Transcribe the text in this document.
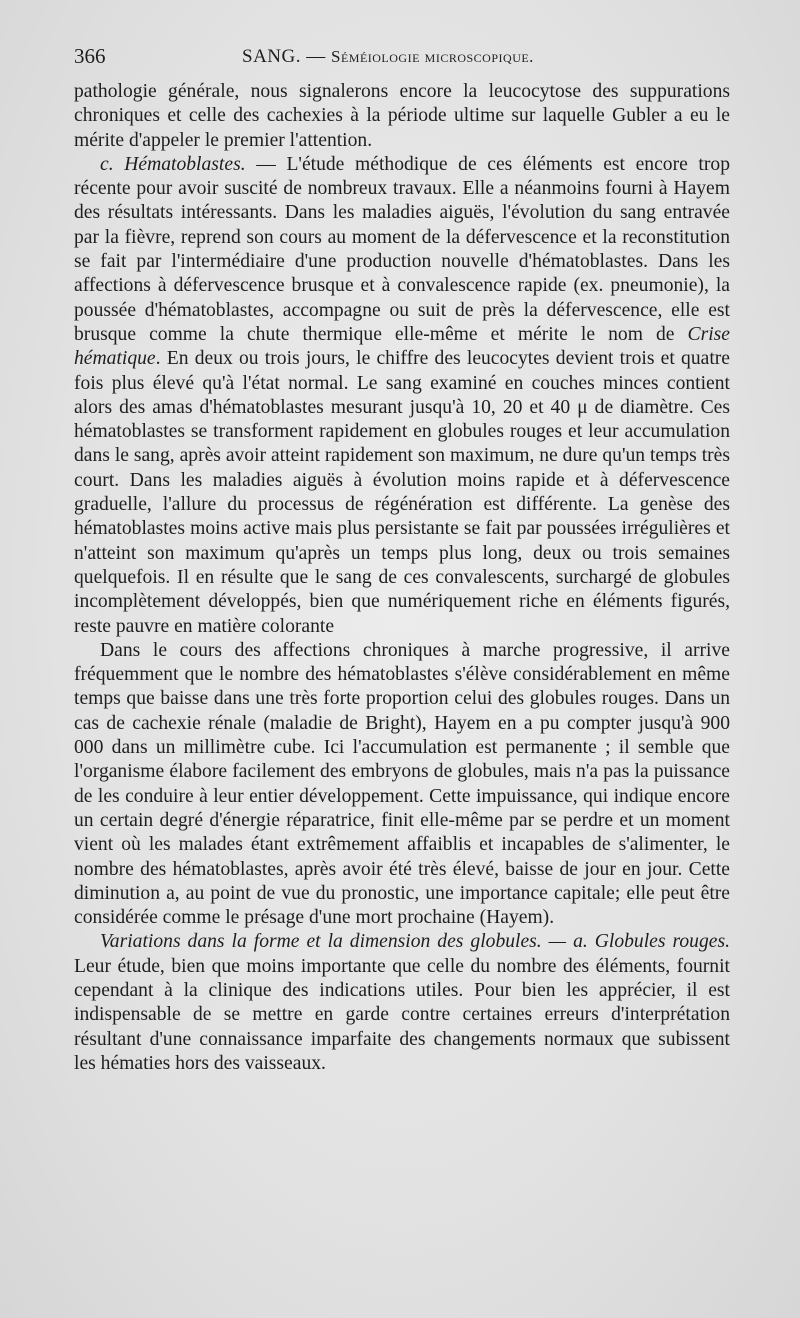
366	SANG. — Séméiologie microscopique.

pathologie générale, nous signalerons encore la leucocytose des suppurations chroniques et celle des cachexies à la période ultime sur laquelle Gubler a eu le mérite d'appeler le premier l'attention.

c. Hématoblastes. — L'étude méthodique de ces éléments est encore trop récente pour avoir suscité de nombreux travaux. Elle a néanmoins fourni à Hayem des résultats intéressants. Dans les maladies aiguës, l'évolution du sang entravée par la fièvre, reprend son cours au moment de la défervescence et la reconstitution se fait par l'intermédiaire d'une production nouvelle d'hématoblastes. Dans les affections à défervescence brusque et à convalescence rapide (ex. pneumonie), la poussée d'hématoblastes, accompagne ou suit de près la défervescence, elle est brusque comme la chute thermique elle-même et mérite le nom de Crise hématique. En deux ou trois jours, le chiffre des leucocytes devient trois et quatre fois plus élevé qu'à l'état normal. Le sang examiné en couches minces contient alors des amas d'hématoblastes mesurant jusqu'à 10, 20 et 40 μ de diamètre. Ces hématoblastes se transforment rapidement en globules rouges et leur accumulation dans le sang, après avoir atteint rapidement son maximum, ne dure qu'un temps très court. Dans les maladies aiguës à évolution moins rapide et à défervescence graduelle, l'allure du processus de régénération est différente. La genèse des hématoblastes moins active mais plus persistante se fait par poussées irrégulières et n'atteint son maximum qu'après un temps plus long, deux ou trois semaines quelquefois. Il en résulte que le sang de ces convalescents, surchargé de globules incomplètement développés, bien que numériquement riche en éléments figurés, reste pauvre en matière colorante

Dans le cours des affections chroniques à marche progressive, il arrive fréquemment que le nombre des hématoblastes s'élève considérablement en même temps que baisse dans une très forte proportion celui des globules rouges. Dans un cas de cachexie rénale (maladie de Bright), Hayem en a pu compter jusqu'à 900 000 dans un millimètre cube. Ici l'accumulation est permanente ; il semble que l'organisme élabore facilement des embryons de globules, mais n'a pas la puissance de les conduire à leur entier développement. Cette impuissance, qui indique encore un certain degré d'énergie réparatrice, finit elle-même par se perdre et un moment vient où les malades étant extrêmement affaiblis et incapables de s'alimenter, le nombre des hématoblastes, après avoir été très élevé, baisse de jour en jour. Cette diminution a, au point de vue du pronostic, une importance capitale; elle peut être considérée comme le présage d'une mort prochaine (Hayem).

Variations dans la forme et la dimension des globules. — a. Globules rouges. Leur étude, bien que moins importante que celle du nombre des éléments, fournit cependant à la clinique des indications utiles. Pour bien les apprécier, il est indispensable de se mettre en garde contre certaines erreurs d'interprétation résultant d'une connaissance imparfaite des changements normaux que subissent les hématies hors des vaisseaux.
